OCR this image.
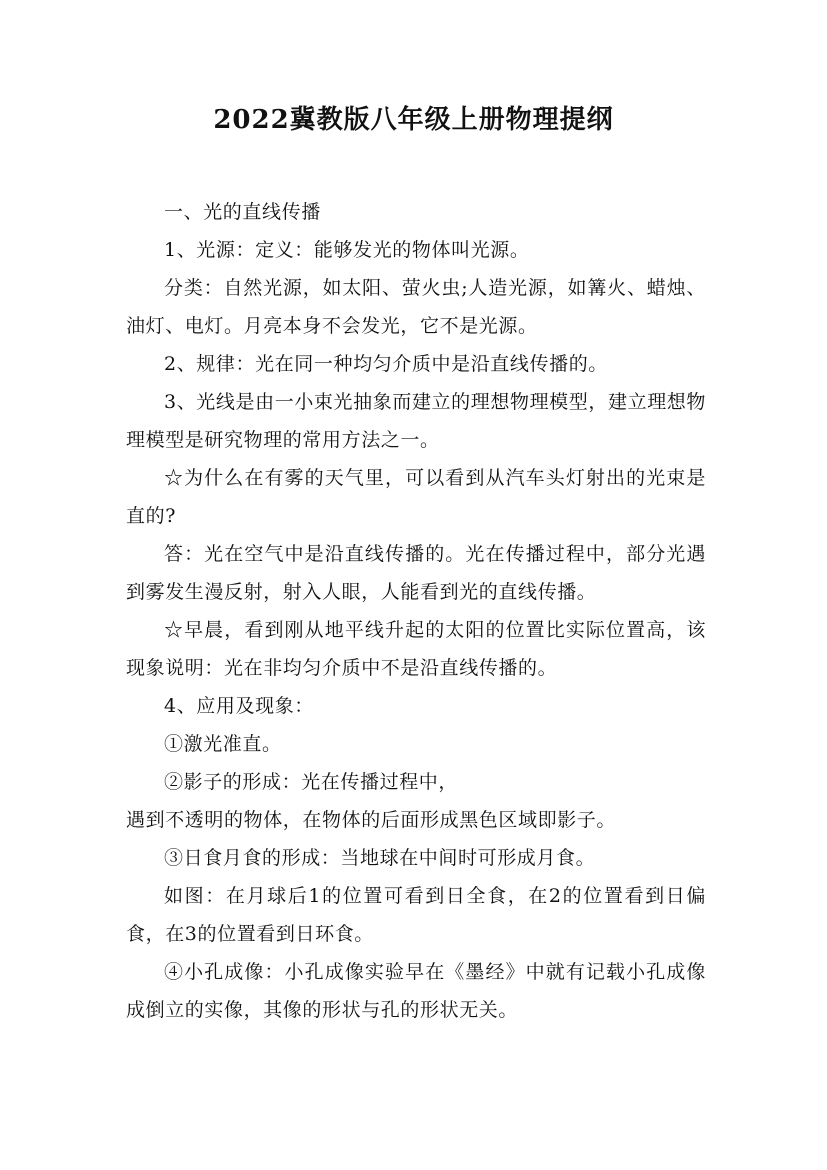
2022冀教版八年级上册物理提纲

一、光的直线传播

1、光源：定义：能够发光的物体叫光源。

分类：自然光源，如太阳、萤火虫;人造光源，如篝火、蜡烛、油灯、电灯。月亮本身不会发光，它不是光源。

2、规律：光在同一种均匀介质中是沿直线传播的。

3、光线是由一小束光抽象而建立的理想物理模型，建立理想物理模型是研究物理的常用方法之一。

☆为什么在有雾的天气里，可以看到从汽车头灯射出的光束是直的?

答：光在空气中是沿直线传播的。光在传播过程中，部分光遇到雾发生漫反射，射入人眼，人能看到光的直线传播。

☆早晨，看到刚从地平线升起的太阳的位置比实际位置高，该现象说明：光在非均匀介质中不是沿直线传播的。

4、应用及现象：

①激光准直。

②影子的形成：光在传播过程中，

遇到不透明的物体，在物体的后面形成黑色区域即影子。

③日食月食的形成：当地球在中间时可形成月食。

如图：在月球后1的位置可看到日全食，在2的位置看到日偏食，在3的位置看到日环食。

④小孔成像：小孔成像实验早在《墨经》中就有记载小孔成像成倒立的实像，其像的形状与孔的形状无关。
